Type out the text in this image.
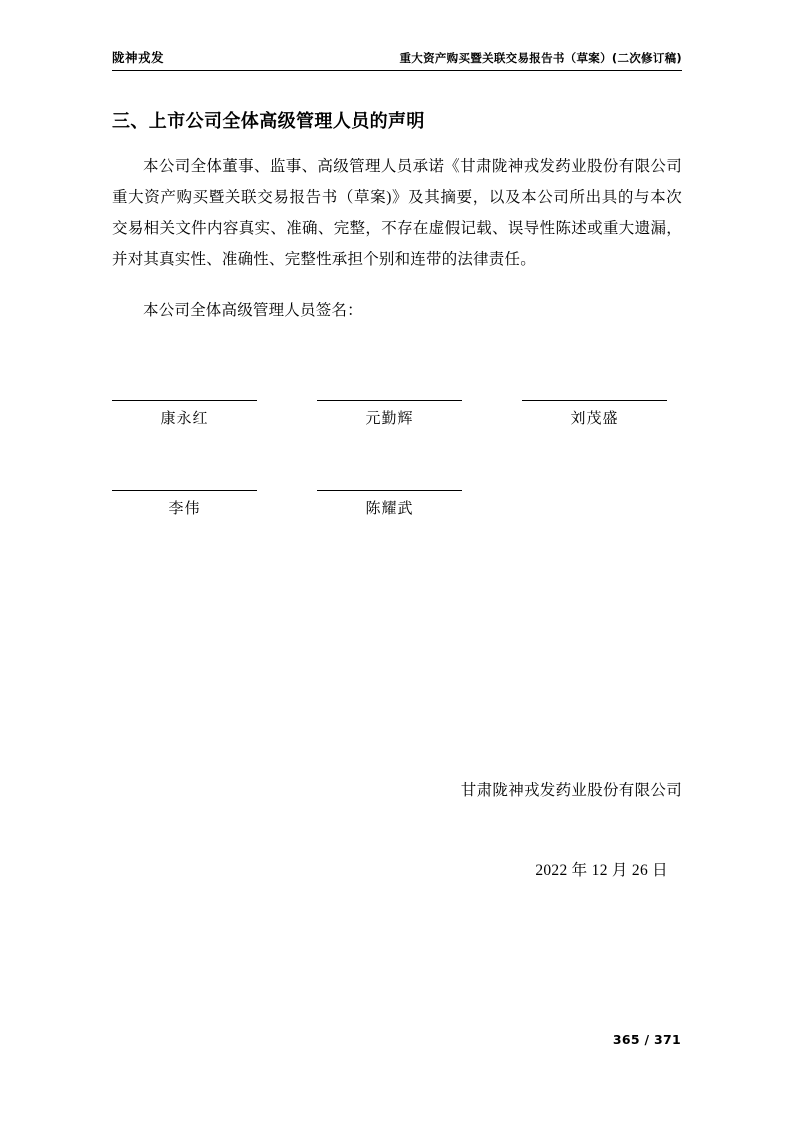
陇神戎发	重大资产购买暨关联交易报告书（草案）(二次修订稿)
三、上市公司全体高级管理人员的声明
本公司全体董事、监事、高级管理人员承诺《甘肃陇神戎发药业股份有限公司重大资产购买暨关联交易报告书（草案)》及其摘要，以及本公司所出具的与本次交易相关文件内容真实、准确、完整，不存在虚假记载、误导性陈述或重大遗漏，并对其真实性、准确性、完整性承担个别和连带的法律责任。
本公司全体高级管理人员签名：
康永红	元勤辉	刘茂盛
李伟	陈耀武
甘肃陇神戎发药业股份有限公司
2022 年 12 月 26 日
365 / 371
